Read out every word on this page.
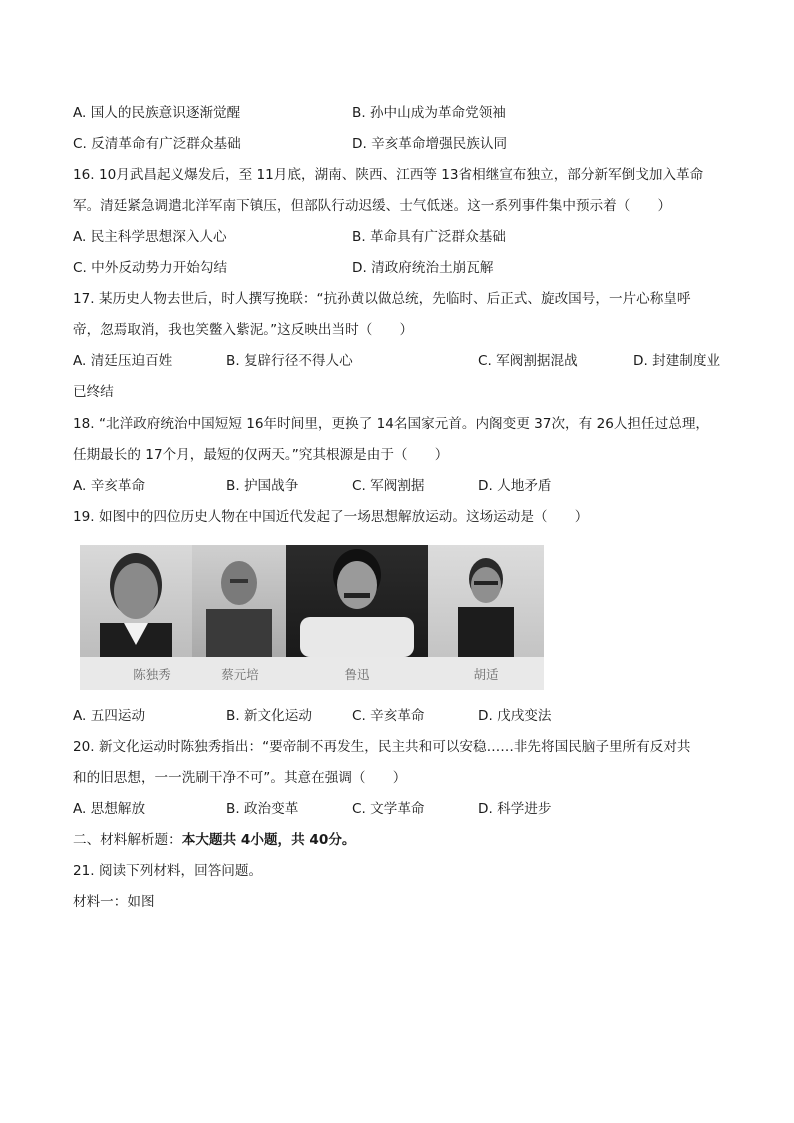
A. 国人的民族意识逐渐觉醒	B. 孙中山成为革命党领袖
C. 反清革命有广泛群众基础	D. 辛亥革命增强民族认同
16. 10月武昌起义爆发后，至 11月底，湖南、陕西、江西等 13省相继宣布独立，部分新军倒戈加入革命
军。清廷紧急调遣北洋军南下镇压，但部队行动迟缓、士气低迷。这一系列事件集中预示着（　　）
A. 民主科学思想深入人心	B. 革命具有广泛群众基础
C. 中外反动势力开始勾结	D. 清政府统治土崩瓦解
17. 某历史人物去世后，时人撰写挽联：“抗孙黄以做总统，先临时、后正式、旋改国号，一片心称皇呼
帝，忽焉取消，我也笑鳖入紫泥。”这反映出当时（　　）
A. 清廷压迫百姓	B. 复辟行径不得人心	C. 军阀割据混战	D. 封建制度业
已终结
18. “北洋政府统治中国短短 16年时间里，更换了 14名国家元首。内阁变更 37次，有 26人担任过总理，
任期最长的 17个月，最短的仅两天。”究其根源是由于（　　）
A. 辛亥革命	B. 护国战争	C. 军阀割据	D. 人地矛盾
19. 如图中的四位历史人物在中国近代发起了一场思想解放运动。这场运动是（　　）
陈独秀	蔡元培	鲁迅	胡适
A. 五四运动	B. 新文化运动	C. 辛亥革命	D. 戊戌变法
20. 新文化运动时陈独秀指出：“要帝制不再发生，民主共和可以安稳……非先将国民脑子里所有反对共
和的旧思想，一一洗刷干净不可”。其意在强调（　　）
A. 思想解放	B. 政治变革	C. 文学革命	D. 科学进步
二、材料解析题：本大题共 4小题，共 40分。
21. 阅读下列材料，回答问题。
材料一：如图
